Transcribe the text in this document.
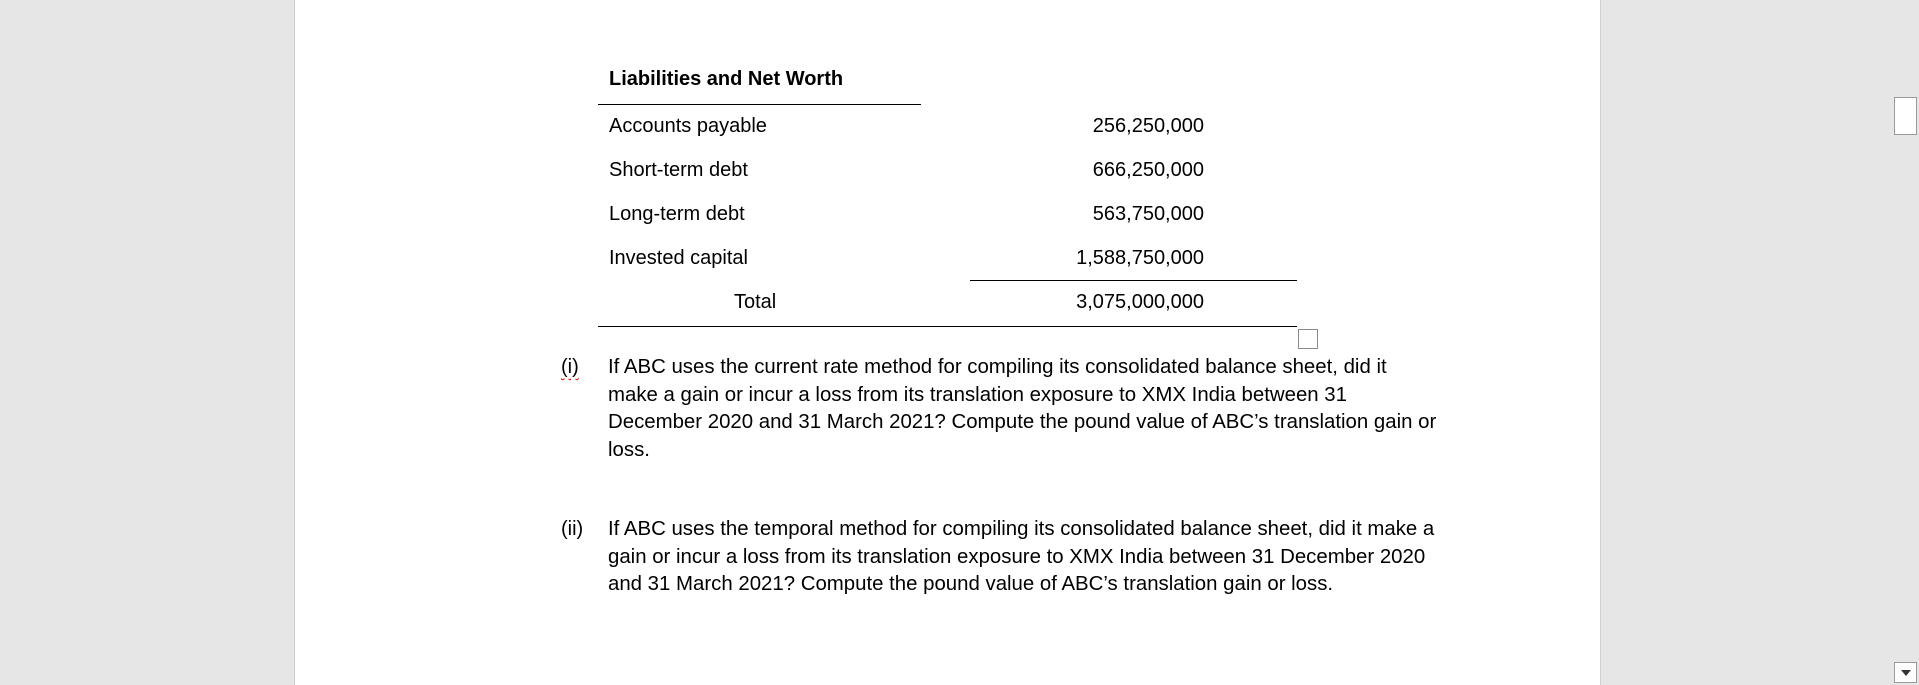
Liabilities and Net Worth
Accounts payable	256,250,000
Short-term debt	666,250,000
Long-term debt	563,750,000
Invested capital	1,588,750,000
Total	3,075,000,000
(i) If ABC uses the current rate method for compiling its consolidated balance sheet, did it make a gain or incur a loss from its translation exposure to XMX India between 31 December 2020 and 31 March 2021? Compute the pound value of ABC’s translation gain or loss.
(ii) If ABC uses the temporal method for compiling its consolidated balance sheet, did it make a gain or incur a loss from its translation exposure to XMX India between 31 December 2020 and 31 March 2021? Compute the pound value of ABC’s translation gain or loss.
